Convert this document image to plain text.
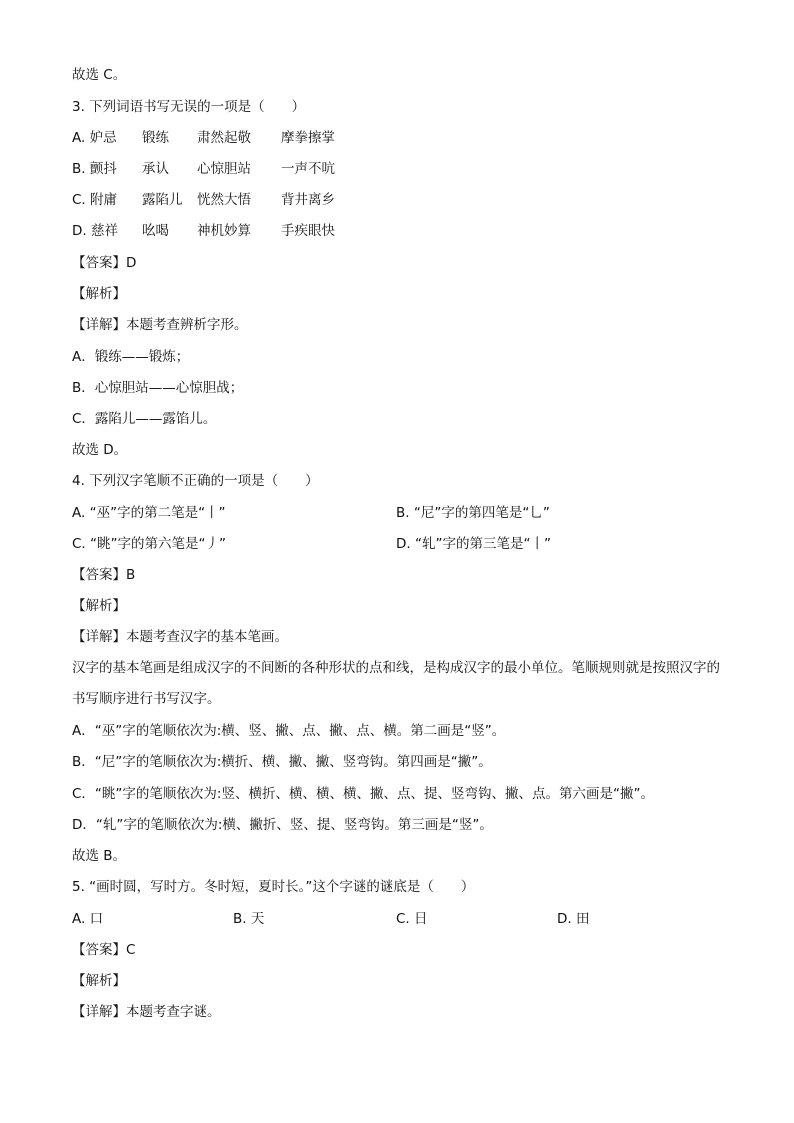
故选 C。
3. 下列词语书写无误的一项是（　　）
A. 妒忌 锻练 肃然起敬 摩拳擦掌
B. 颤抖 承认 心惊胆站 一声不吭
C. 附庸 露陷儿 恍然大悟 背井离乡
D. 慈祥 吆喝 神机妙算 手疾眼快
【答案】D
【解析】
【详解】本题考查辨析字形。
A．锻练——锻炼；
B．心惊胆站——心惊胆战；
C．露陷儿——露馅儿。
故选 D。
4. 下列汉字笔顺不正确的一项是（　　）
A. “巫”字的第二笔是“丨”	B. “尼”字的第四笔是“乚”
C. “眺”字的第六笔是“丿”	D. “轧”字的第三笔是“丨”
【答案】B
【解析】
【详解】本题考查汉字的基本笔画。
汉字的基本笔画是组成汉字的不间断的各种形状的点和线，是构成汉字的最小单位。笔顺规则就是按照汉字的书写顺序进行书写汉字。
A．“巫”字的笔顺依次为:横、竖、撇、点、撇、点、横。第二画是“竖”。
B．“尼”字的笔顺依次为:横折、横、撇、撇、竖弯钩。第四画是“撇”。
C．“眺”字的笔顺依次为:竖、横折、横、横、横、撇、点、提、竖弯钩、撇、点。第六画是“撇”。
D．“轧”字的笔顺依次为:横、撇折、竖、提、竖弯钩。第三画是“竖”。
故选 B。
5. “画时圆，写时方。冬时短，夏时长。”这个字谜的谜底是（　　）
A. 口	B. 天	C. 日	D. 田
【答案】C
【解析】
【详解】本题考查字谜。
